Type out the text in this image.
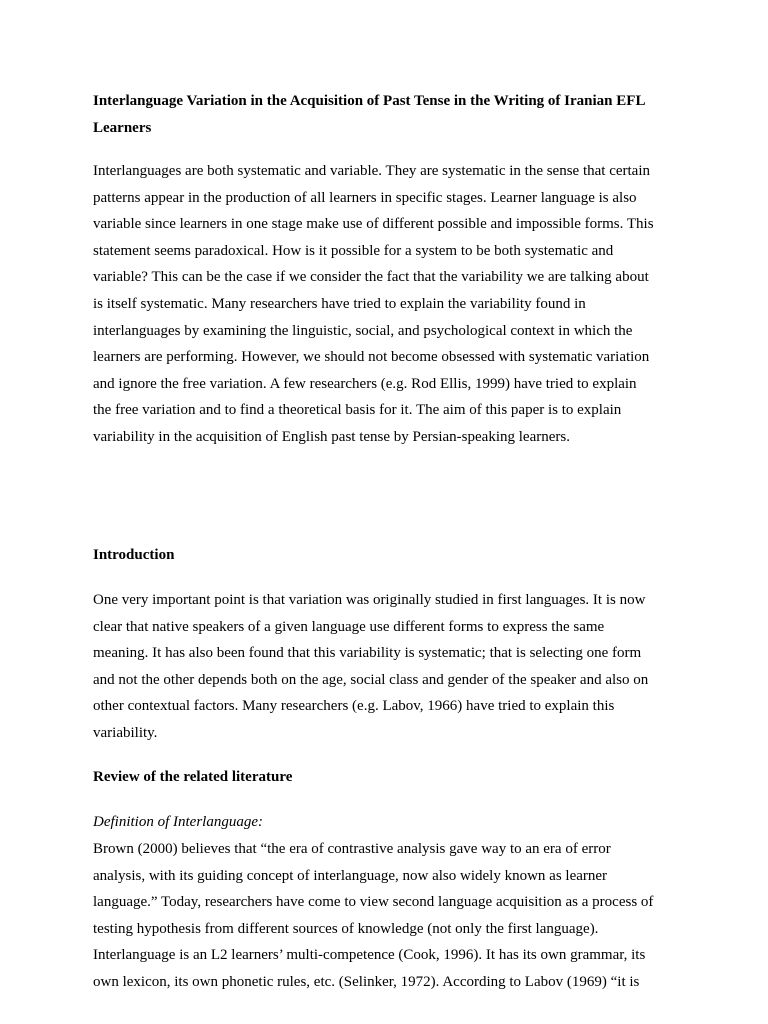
Interlanguage Variation in the Acquisition of Past Tense in the Writing of Iranian EFL
Learners
Interlanguages are both systematic and variable. They are systematic in the sense that certain
patterns appear in the production of all learners in specific stages. Learner language is also
variable since learners in one stage make use of different possible and impossible forms. This
statement seems paradoxical. How is it possible for a system to be both systematic and
variable? This can be the case if we consider the fact that the variability we are talking about
is itself systematic. Many researchers have tried to explain the variability found in
interlanguages by examining the linguistic, social, and psychological context in which the
learners are performing. However, we should not become obsessed with systematic variation
and ignore the free variation. A few researchers (e.g. Rod Ellis, 1999) have tried to explain
the free variation and to find a theoretical basis for it. The aim of this paper is to explain
variability in the acquisition of English past tense by Persian-speaking learners.
Introduction
One very important point is that variation was originally studied in first languages. It is now
clear that native speakers of a given language use different forms to express the same
meaning. It has also been found that this variability is systematic; that is selecting one form
and not the other depends both on the age, social class and gender of the speaker and also on
other contextual factors. Many researchers (e.g. Labov, 1966) have tried to explain this
variability.
Review of the related literature
Definition of Interlanguage:
Brown (2000) believes that “the era of contrastive analysis gave way to an era of error
analysis, with its guiding concept of interlanguage, now also widely known as learner
language.” Today, researchers have come to view second language acquisition as a process of
testing hypothesis from different sources of knowledge (not only the first language).
Interlanguage is an L2 learners’ multi-competence (Cook, 1996). It has its own grammar, its
own lexicon, its own phonetic rules, etc. (Selinker, 1972). According to Labov (1969) “it is
